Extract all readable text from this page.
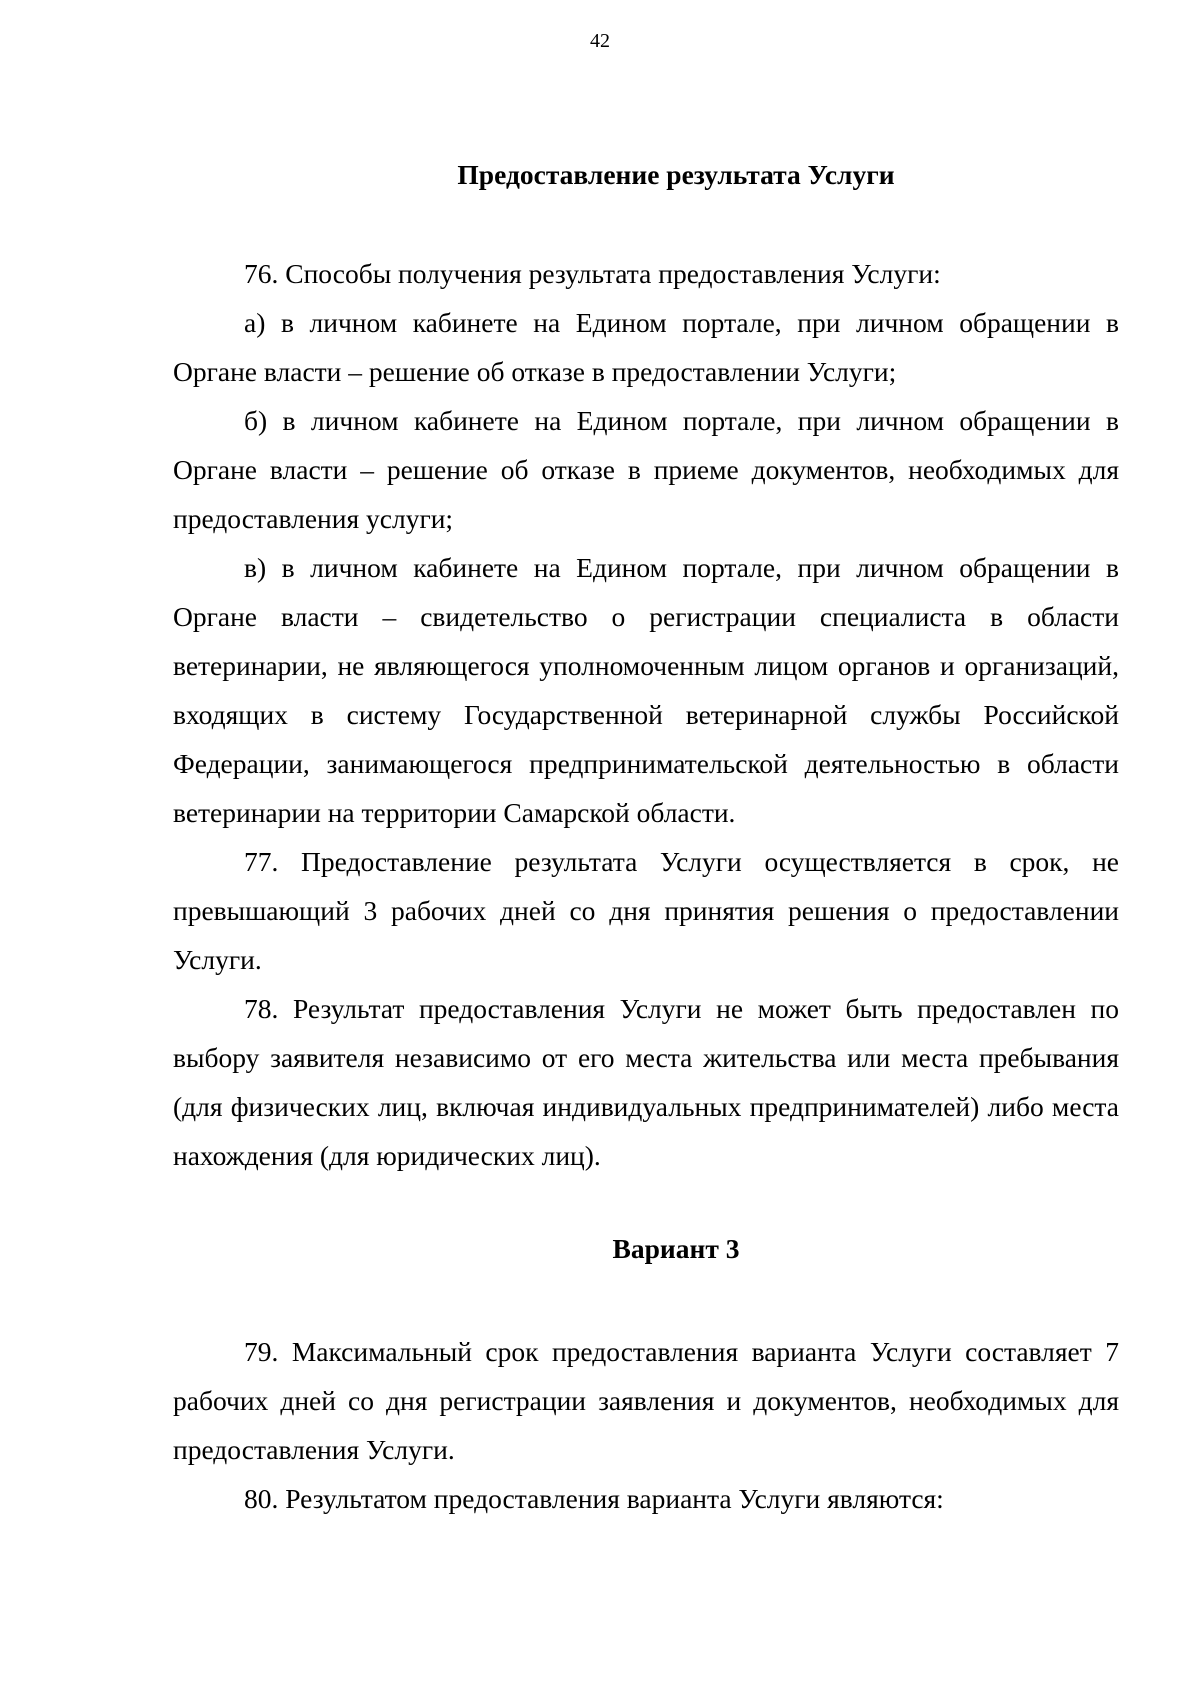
42
Предоставление результата Услуги

76. Способы получения результата предоставления Услуги:

а) в личном кабинете на Едином портале, при личном обращении в Органе власти – решение об отказе в предоставлении Услуги;

б) в личном кабинете на Едином портале, при личном обращении в Органе власти – решение об отказе в приеме документов, необходимых для предоставления услуги;

в) в личном кабинете на Едином портале, при личном обращении в Органе власти – свидетельство о регистрации специалиста в области ветеринарии, не являющегося уполномоченным лицом органов и организаций, входящих в систему Государственной ветеринарной службы Российской Федерации, занимающегося предпринимательской деятельностью в области ветеринарии на территории Самарской области.

77. Предоставление результата Услуги осуществляется в срок, не превышающий 3 рабочих дней со дня принятия решения о предоставлении Услуги.

78. Результат предоставления Услуги не может быть предоставлен по выбору заявителя независимо от его места жительства или места пребывания (для физических лиц, включая индивидуальных предпринимателей) либо места нахождения (для юридических лиц).

Вариант 3

79. Максимальный срок предоставления варианта Услуги составляет 7 рабочих дней со дня регистрации заявления и документов, необходимых для предоставления Услуги.

80. Результатом предоставления варианта Услуги являются:
